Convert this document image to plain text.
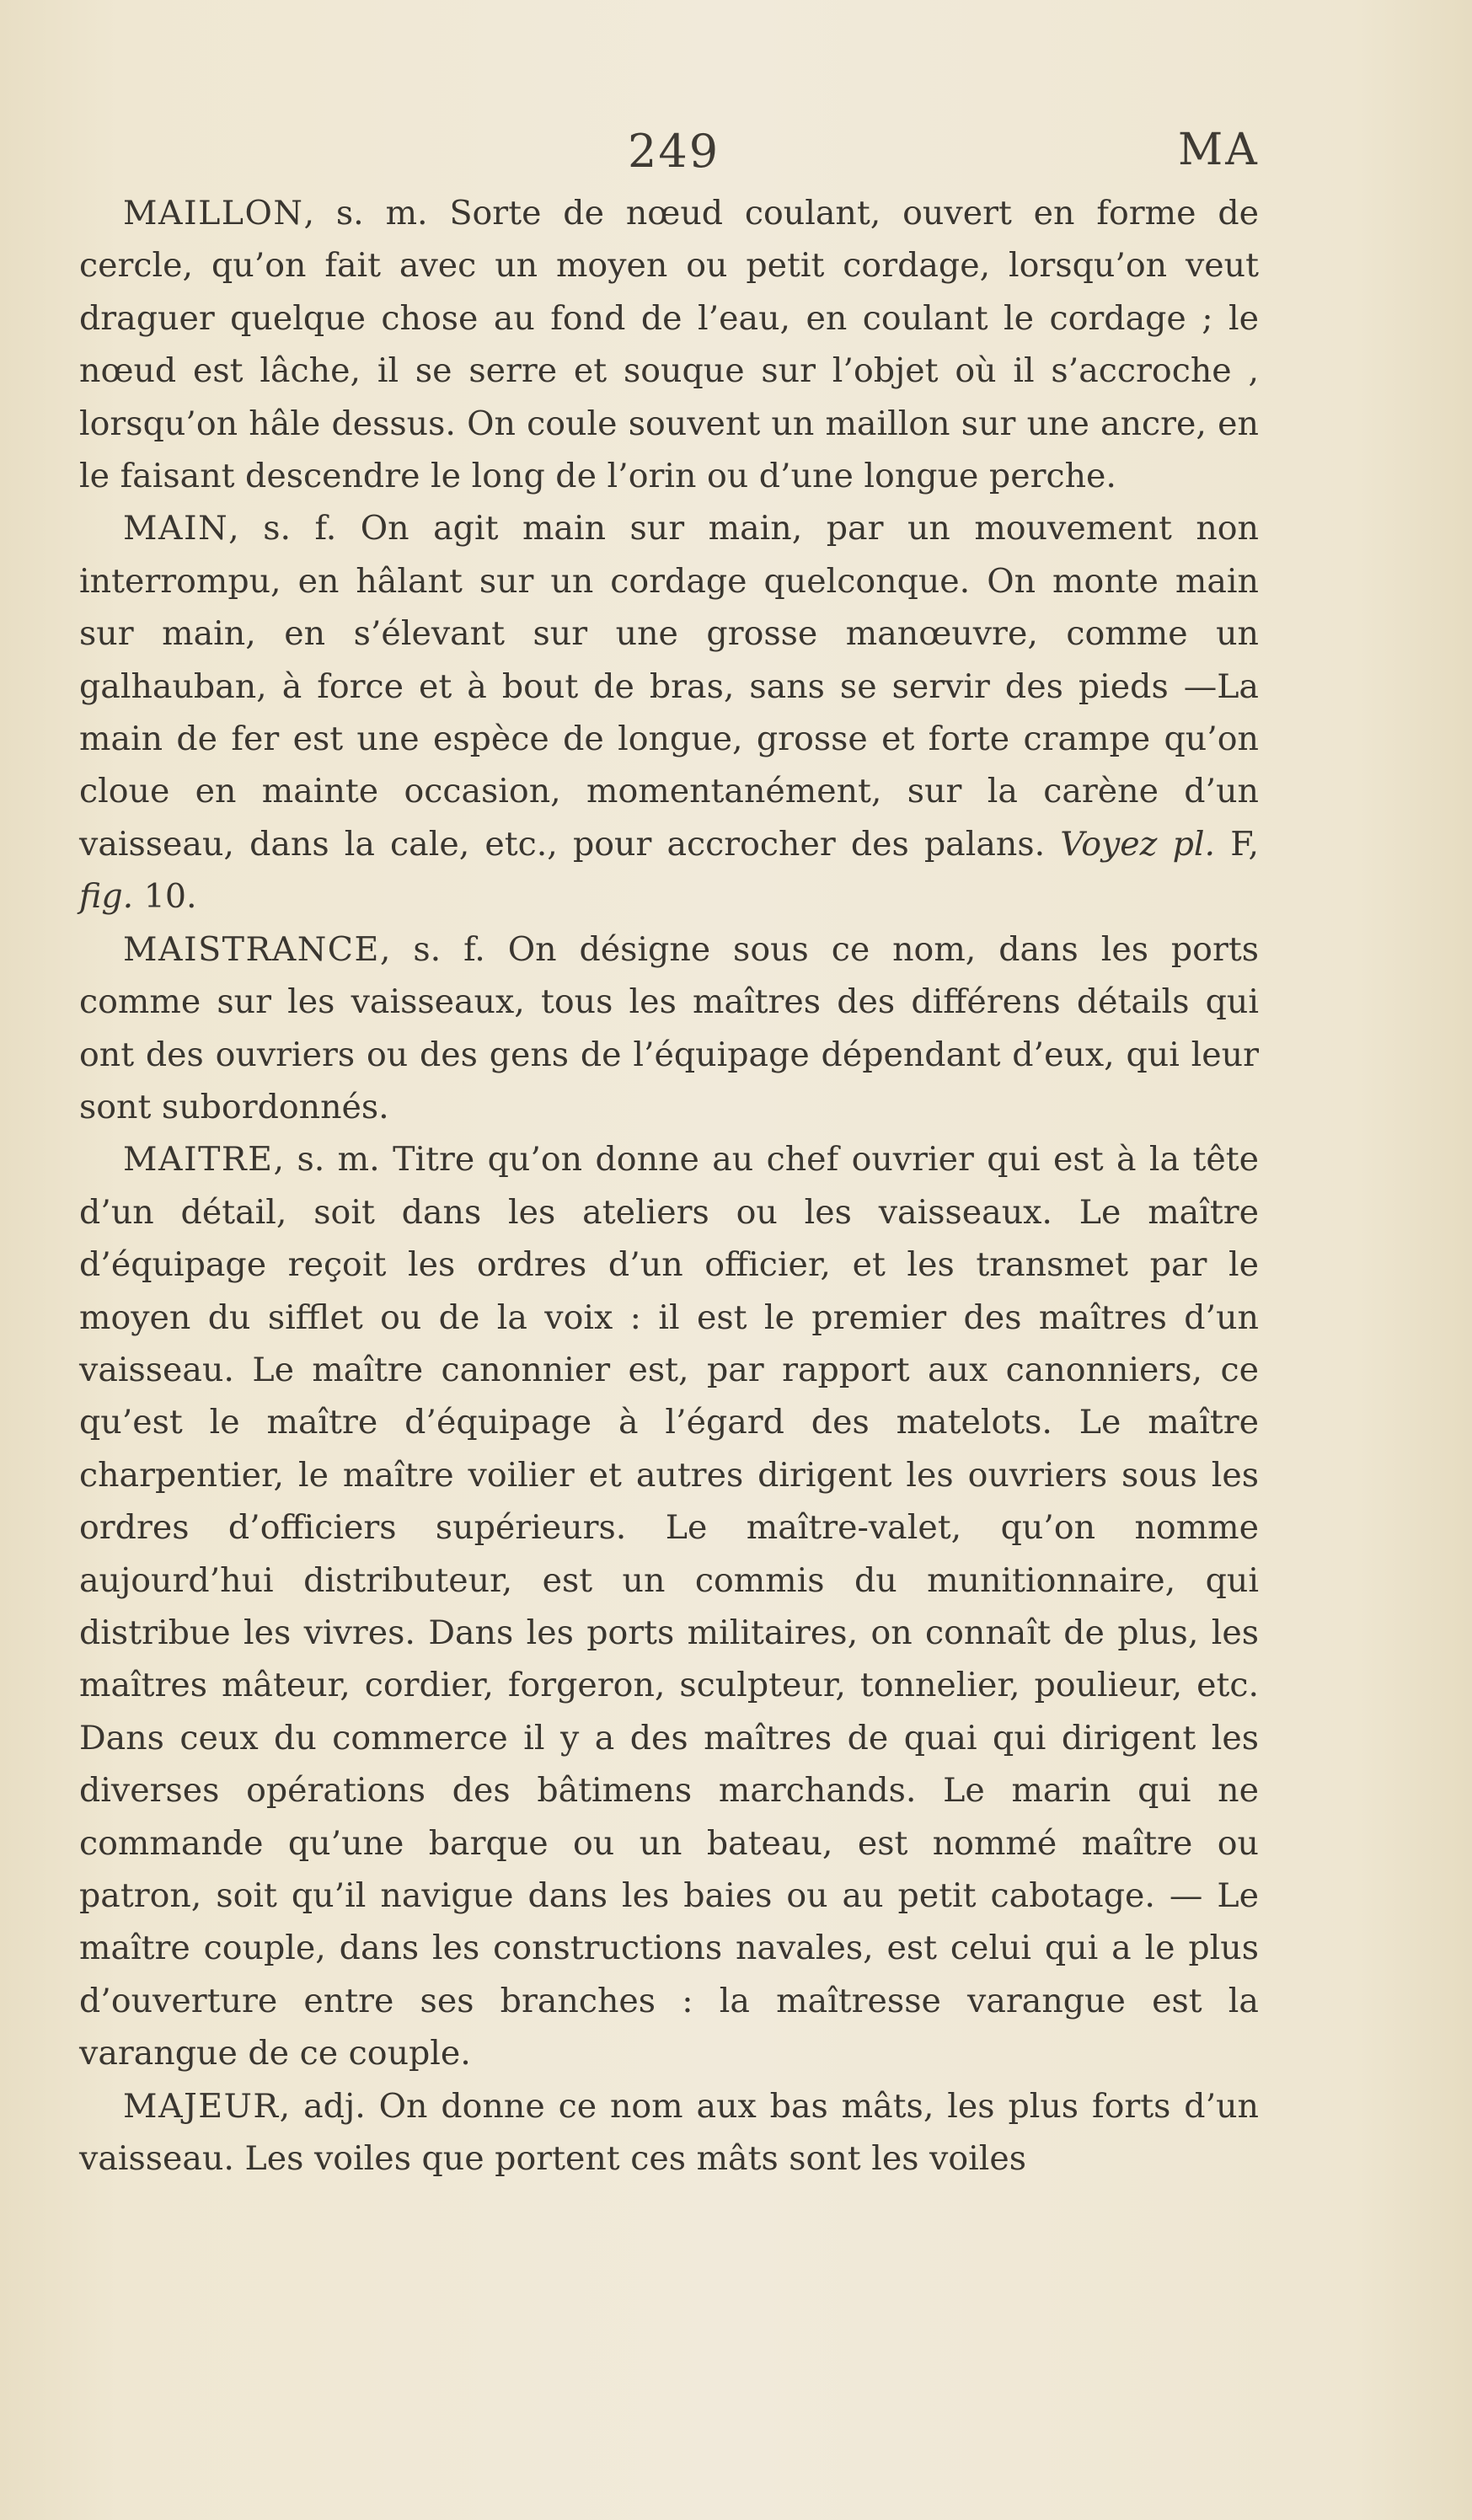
249	MA

MAILLON, s. m. Sorte de nœud coulant, ouvert en forme de cercle, qu’on fait avec un moyen ou petit cordage, lorsqu’on veut draguer quelque chose au fond de l’eau, en coulant le cordage ; le nœud est lâche, il se serre et souque sur l’objet où il s’accroche , lorsqu’on hâle dessus. On coule souvent un maillon sur une ancre, en le faisant descendre le long de l’orin ou d’une longue perche.

MAIN, s. f. On agit main sur main, par un mouvement non interrompu, en hâlant sur un cordage quelconque. On monte main sur main, en s’élevant sur une grosse manœuvre, comme un galhauban, à force et à bout de bras, sans se servir des pieds —La main de fer est une espèce de longue, grosse et forte crampe qu’on cloue en mainte occasion, momentanément, sur la carène d’un vaisseau, dans la cale, etc., pour accrocher des palans. Voyez pl. F, fig. 10.

MAISTRANCE, s. f. On désigne sous ce nom, dans les ports comme sur les vaisseaux, tous les maîtres des différens détails qui ont des ouvriers ou des gens de l’équipage dépendant d’eux, qui leur sont subordonnés.

MAITRE, s. m. Titre qu’on donne au chef ouvrier qui est à la tête d’un détail, soit dans les ateliers ou les vaisseaux. Le maître d’équipage reçoit les ordres d’un officier, et les transmet par le moyen du sifflet ou de la voix : il est le premier des maîtres d’un vaisseau. Le maître canonnier est, par rapport aux canonniers, ce qu’est le maître d’équipage à l’égard des matelots. Le maître charpentier, le maître voilier et autres dirigent les ouvriers sous les ordres d’officiers supérieurs. Le maître-valet, qu’on nomme aujourd’hui distributeur, est un commis du munitionnaire, qui distribue les vivres. Dans les ports militaires, on connaît de plus, les maîtres mâteur, cordier, forgeron, sculpteur, tonnelier, poulieur, etc. Dans ceux du commerce il y a des maîtres de quai qui dirigent les diverses opérations des bâtimens marchands. Le marin qui ne commande qu’une barque ou un bateau, est nommé maître ou patron, soit qu’il navigue dans les baies ou au petit cabotage. — Le maître couple, dans les constructions navales, est celui qui a le plus d’ouverture entre ses branches : la maîtresse varangue est la varangue de ce couple.

MAJEUR, adj. On donne ce nom aux bas mâts, les plus forts d’un vaisseau. Les voiles que portent ces mâts sont les voiles
